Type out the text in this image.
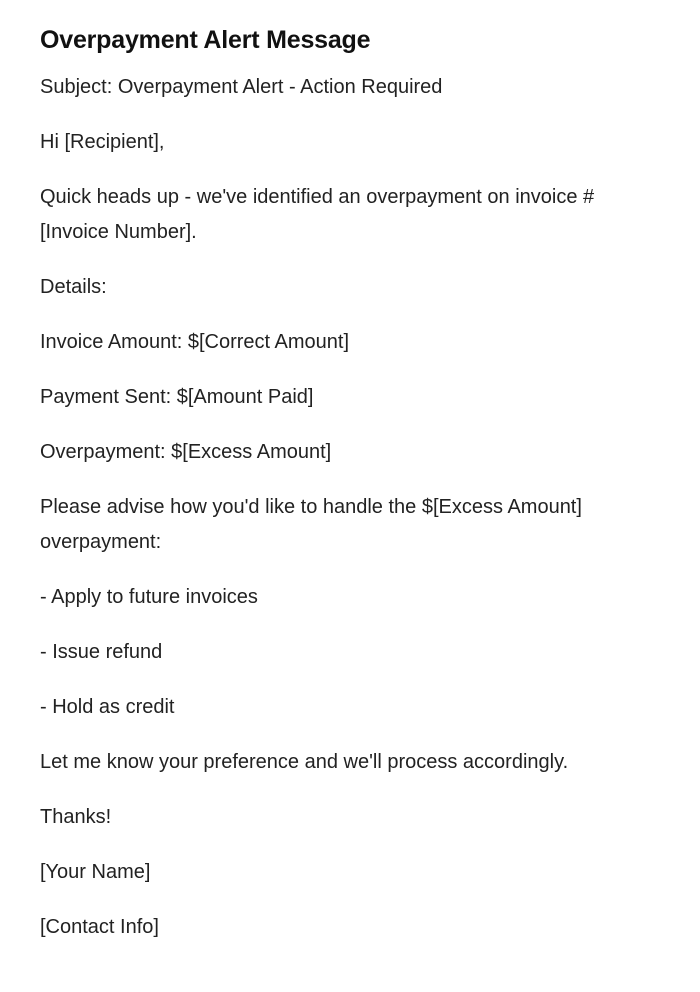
Overpayment Alert Message

Subject: Overpayment Alert - Action Required

Hi [Recipient],

Quick heads up - we've identified an overpayment on invoice #[Invoice Number].

Details:

Invoice Amount: $[Correct Amount]

Payment Sent: $[Amount Paid]

Overpayment: $[Excess Amount]

Please advise how you'd like to handle the $[Excess Amount] overpayment:

- Apply to future invoices

- Issue refund

- Hold as credit

Let me know your preference and we'll process accordingly.

Thanks!

[Your Name]

[Contact Info]
